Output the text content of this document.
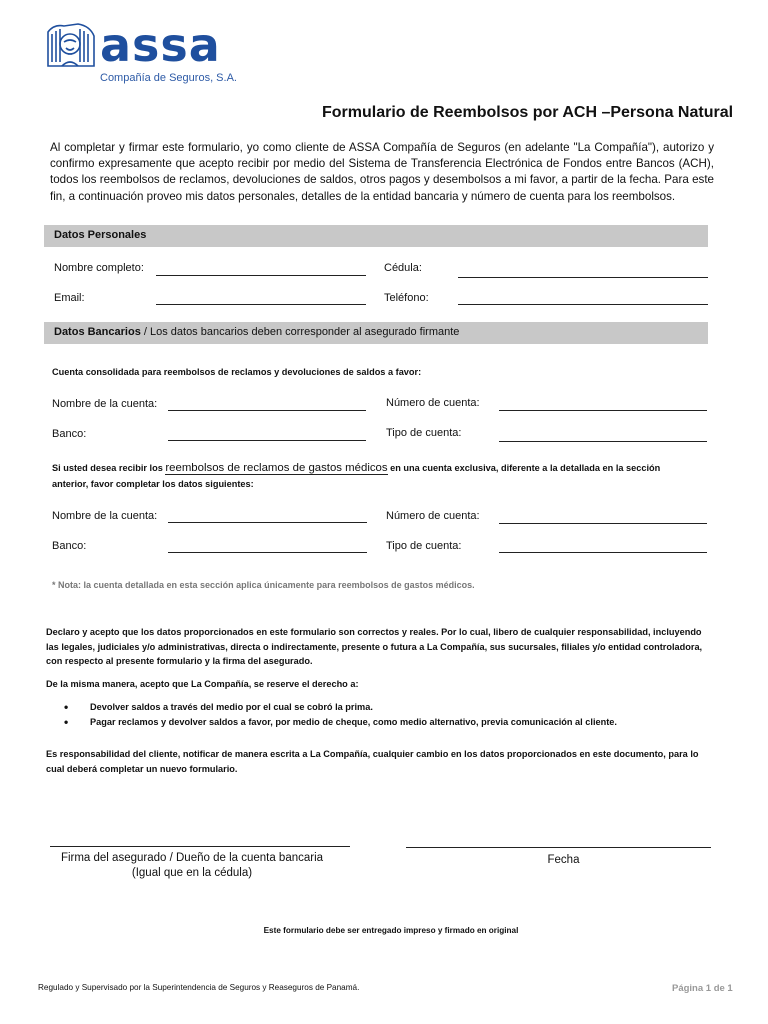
assa
Compañía de Seguros, S.A.
Formulario de Reembolsos por ACH –Persona Natural
Al completar y firmar este formulario, yo como cliente de ASSA Compañía de Seguros (en adelante "La Compañía"), autorizo y confirmo expresamente que acepto recibir por medio del Sistema de Transferencia Electrónica de Fondos entre Bancos (ACH), todos los reembolsos de reclamos, devoluciones de saldos, otros pagos y desembolsos a mi favor, a partir de la fecha. Para este fin, a continuación proveo mis datos personales, detalles de la entidad bancaria y número de cuenta para los reembolsos.
Datos Personales
Nombre completo:	Cédula:
Email:	Teléfono:
Datos Bancarios / Los datos bancarios deben corresponder al asegurado firmante
Cuenta consolidada para reembolsos de reclamos y devoluciones de saldos a favor:
Nombre de la cuenta:	Número de cuenta:
Banco:	Tipo de cuenta:
Si usted desea recibir los reembolsos de reclamos de gastos médicos en una cuenta exclusiva, diferente a la detallada en la sección
anterior, favor completar los datos siguientes:
Nombre de la cuenta:	Número de cuenta:
Banco:	Tipo de cuenta:
* Nota: la cuenta detallada en esta sección aplica únicamente para reembolsos de gastos médicos.
Declaro y acepto que los datos proporcionados en este formulario son correctos y reales. Por lo cual, libero de cualquier responsabilidad, incluyendo las legales, judiciales y/o administrativas, directa o indirectamente, presente o futura a La Compañía, sus sucursales, filiales y/o entidad controladora, con respecto al presente formulario y la firma del asegurado.
De la misma manera, acepto que La Compañía, se reserve el derecho a:
• Devolver saldos a través del medio por el cual se cobró la prima.
• Pagar reclamos y devolver saldos a favor, por medio de cheque, como medio alternativo, previa comunicación al cliente.
Es responsabilidad del cliente, notificar de manera escrita a La Compañía, cualquier cambio en los datos proporcionados en este documento, para lo cual deberá completar un nuevo formulario.
Firma del asegurado / Dueño de la cuenta bancaria
(Igual que en la cédula)
Fecha
Este formulario debe ser entregado impreso y firmado en original
Regulado y Supervisado por la Superintendencia de Seguros y Reaseguros de Panamá.	Página 1 de 1
